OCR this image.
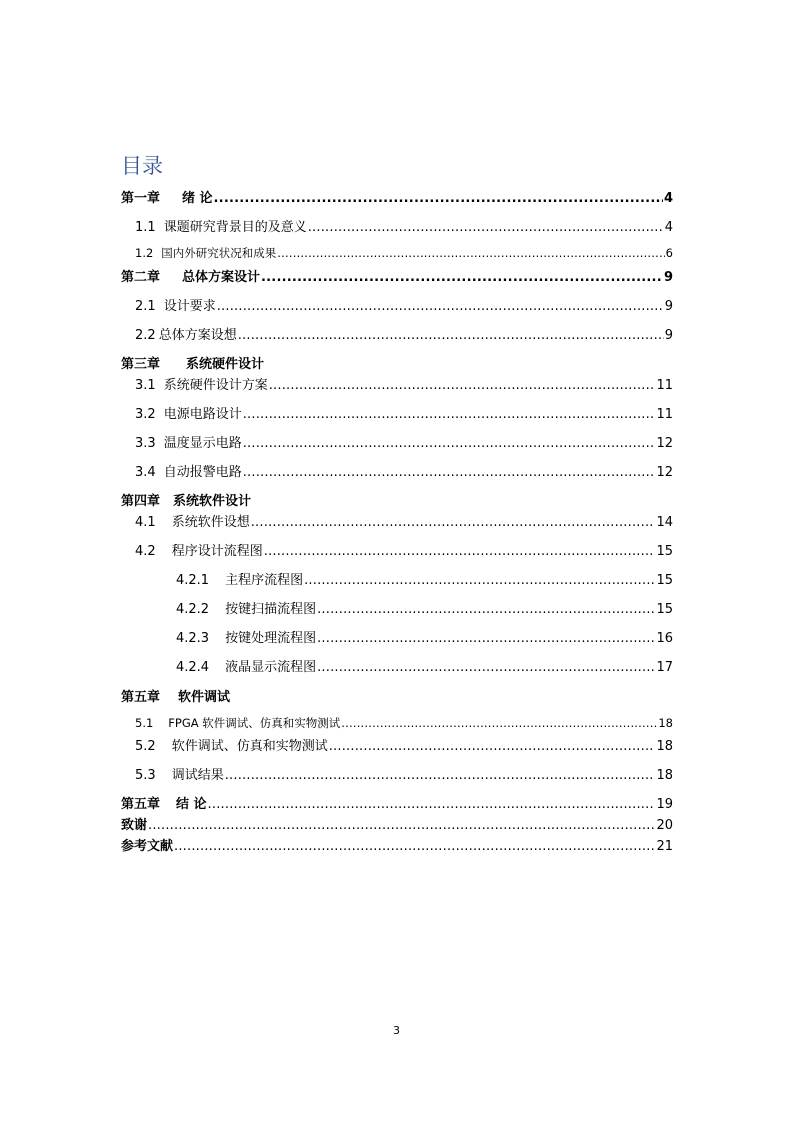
目录
第一章 绪 论 .....	4
1.1 课题研究背景目的及意义 .....	4
1.2 国内外研究状况和成果 .....	6
第二章 总体方案设计 .....	9
2.1 设计要求 .....	9
2.2 总体方案设想 .....	9
第三章 系统硬件设计
3.1 系统硬件设计方案 .....	11
3.2 电源电路设计 .....	11
3.3 温度显示电路 .....	12
3.4 自动报警电路 .....	12
第四章 系统软件设计
4.1 系统软件设想 .....	14
4.2 程序设计流程图 .....	15
4.2.1 主程序流程图 .....	15
4.2.2 按键扫描流程图 .....	15
4.2.3 按键处理流程图 .....	16
4.2.4 液晶显示流程图 .....	17
第五章 软件调试
5.1 FPGA 软件调试、仿真和实物测试 .....	18
5.2 软件调试、仿真和实物测试 .....	18
5.3 调试结果 .....	18
第五章 结 论 .....	19
致谢 .....	20
参考文献 .....	21
3
